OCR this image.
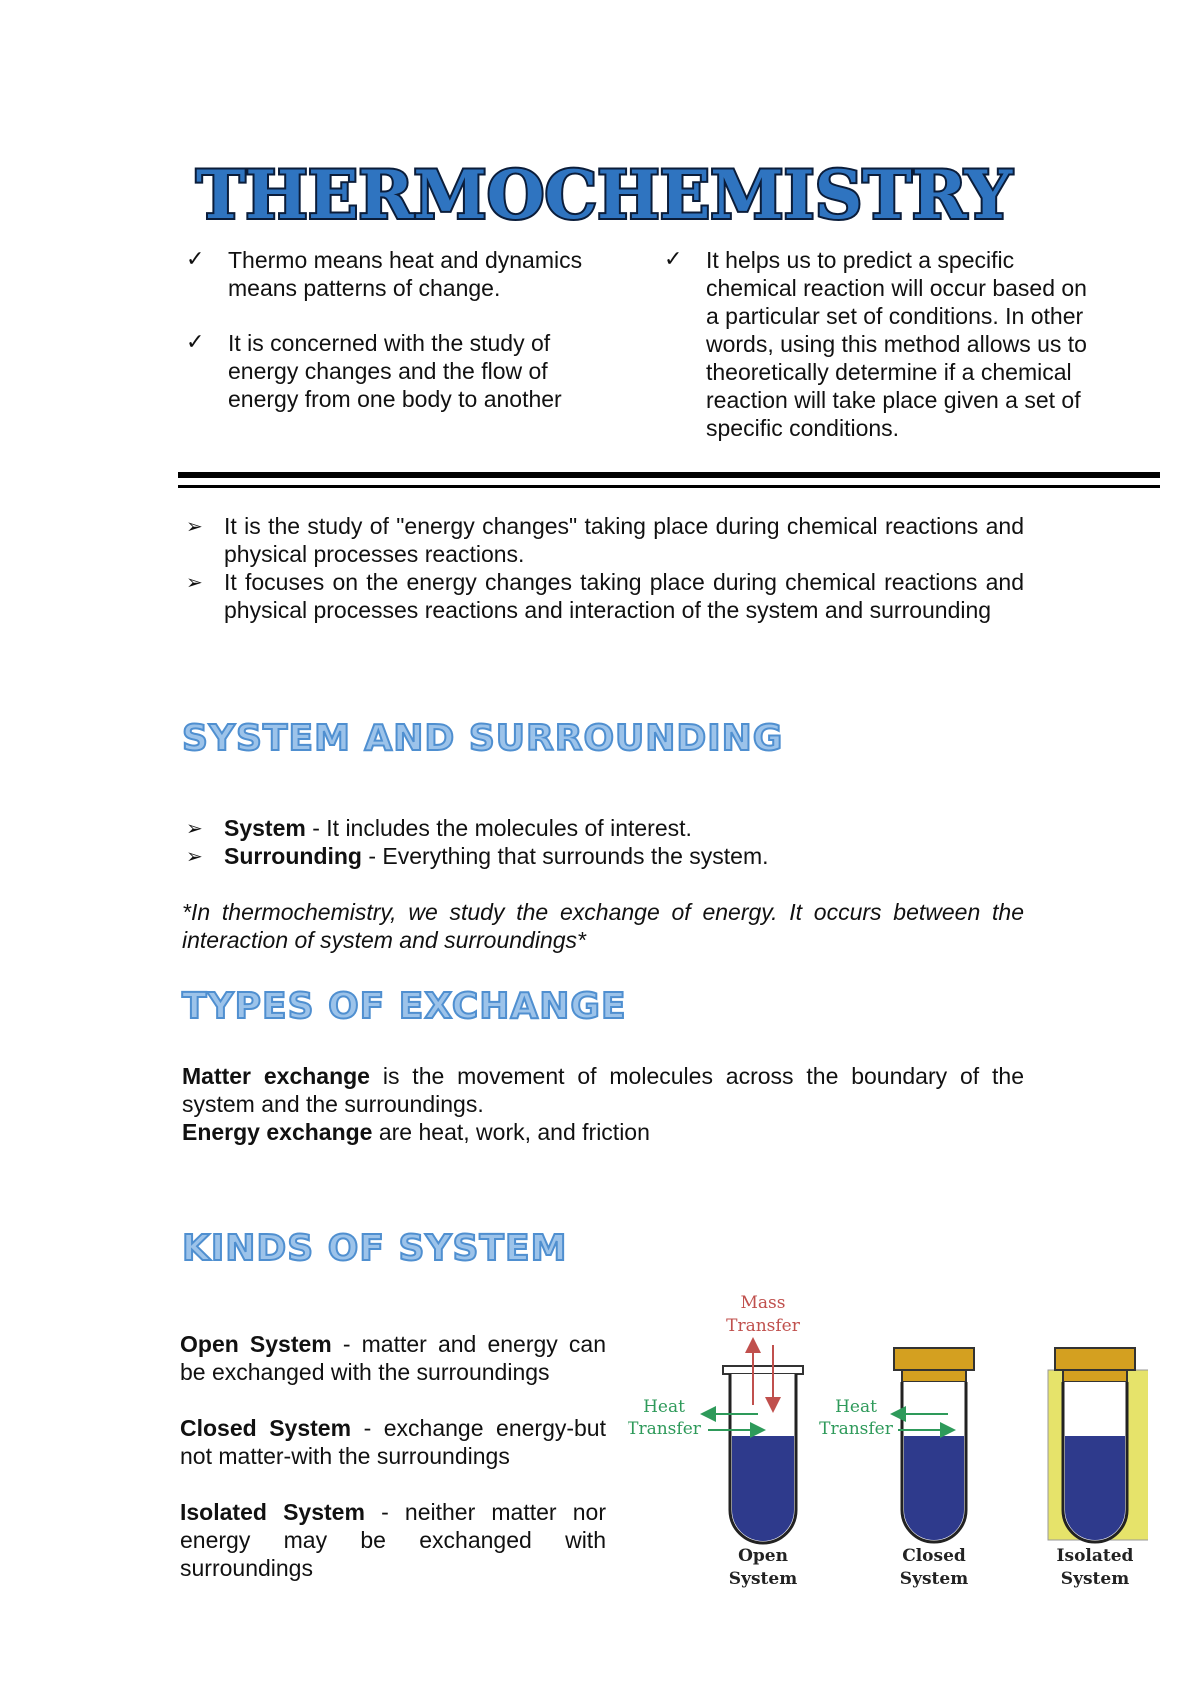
THERMOCHEMISTRY
✓ Thermo means heat and dynamics means patterns of change.
✓ It is concerned with the study of energy changes and the flow of energy from one body to another
✓ It helps us to predict a specific chemical reaction will occur based on a particular set of conditions. In other words, using this method allows us to theoretically determine if a chemical reaction will take place given a set of specific conditions.
➢ It is the study of "energy changes" taking place during chemical reactions and physical processes reactions.
➢ It focuses on the energy changes taking place during chemical reactions and physical processes reactions and interaction of the system and surrounding
SYSTEM AND SURROUNDING
➢ System - It includes the molecules of interest.
➢ Surrounding - Everything that surrounds the system.
*In thermochemistry, we study the exchange of energy. It occurs between the interaction of system and surroundings*
TYPES OF EXCHANGE
Matter exchange is the movement of molecules across the boundary of the system and the surroundings.
Energy exchange are heat, work, and friction
KINDS OF SYSTEM

Open System - matter and energy can be exchanged with the surroundings

Closed System - exchange energy-but not matter-with the surroundings

Isolated System - neither matter nor energy may be exchanged with surroundings

Mass
Transfer
Heat
Transfer
Heat
Transfer
Open
System
Closed
System
Isolated
System
